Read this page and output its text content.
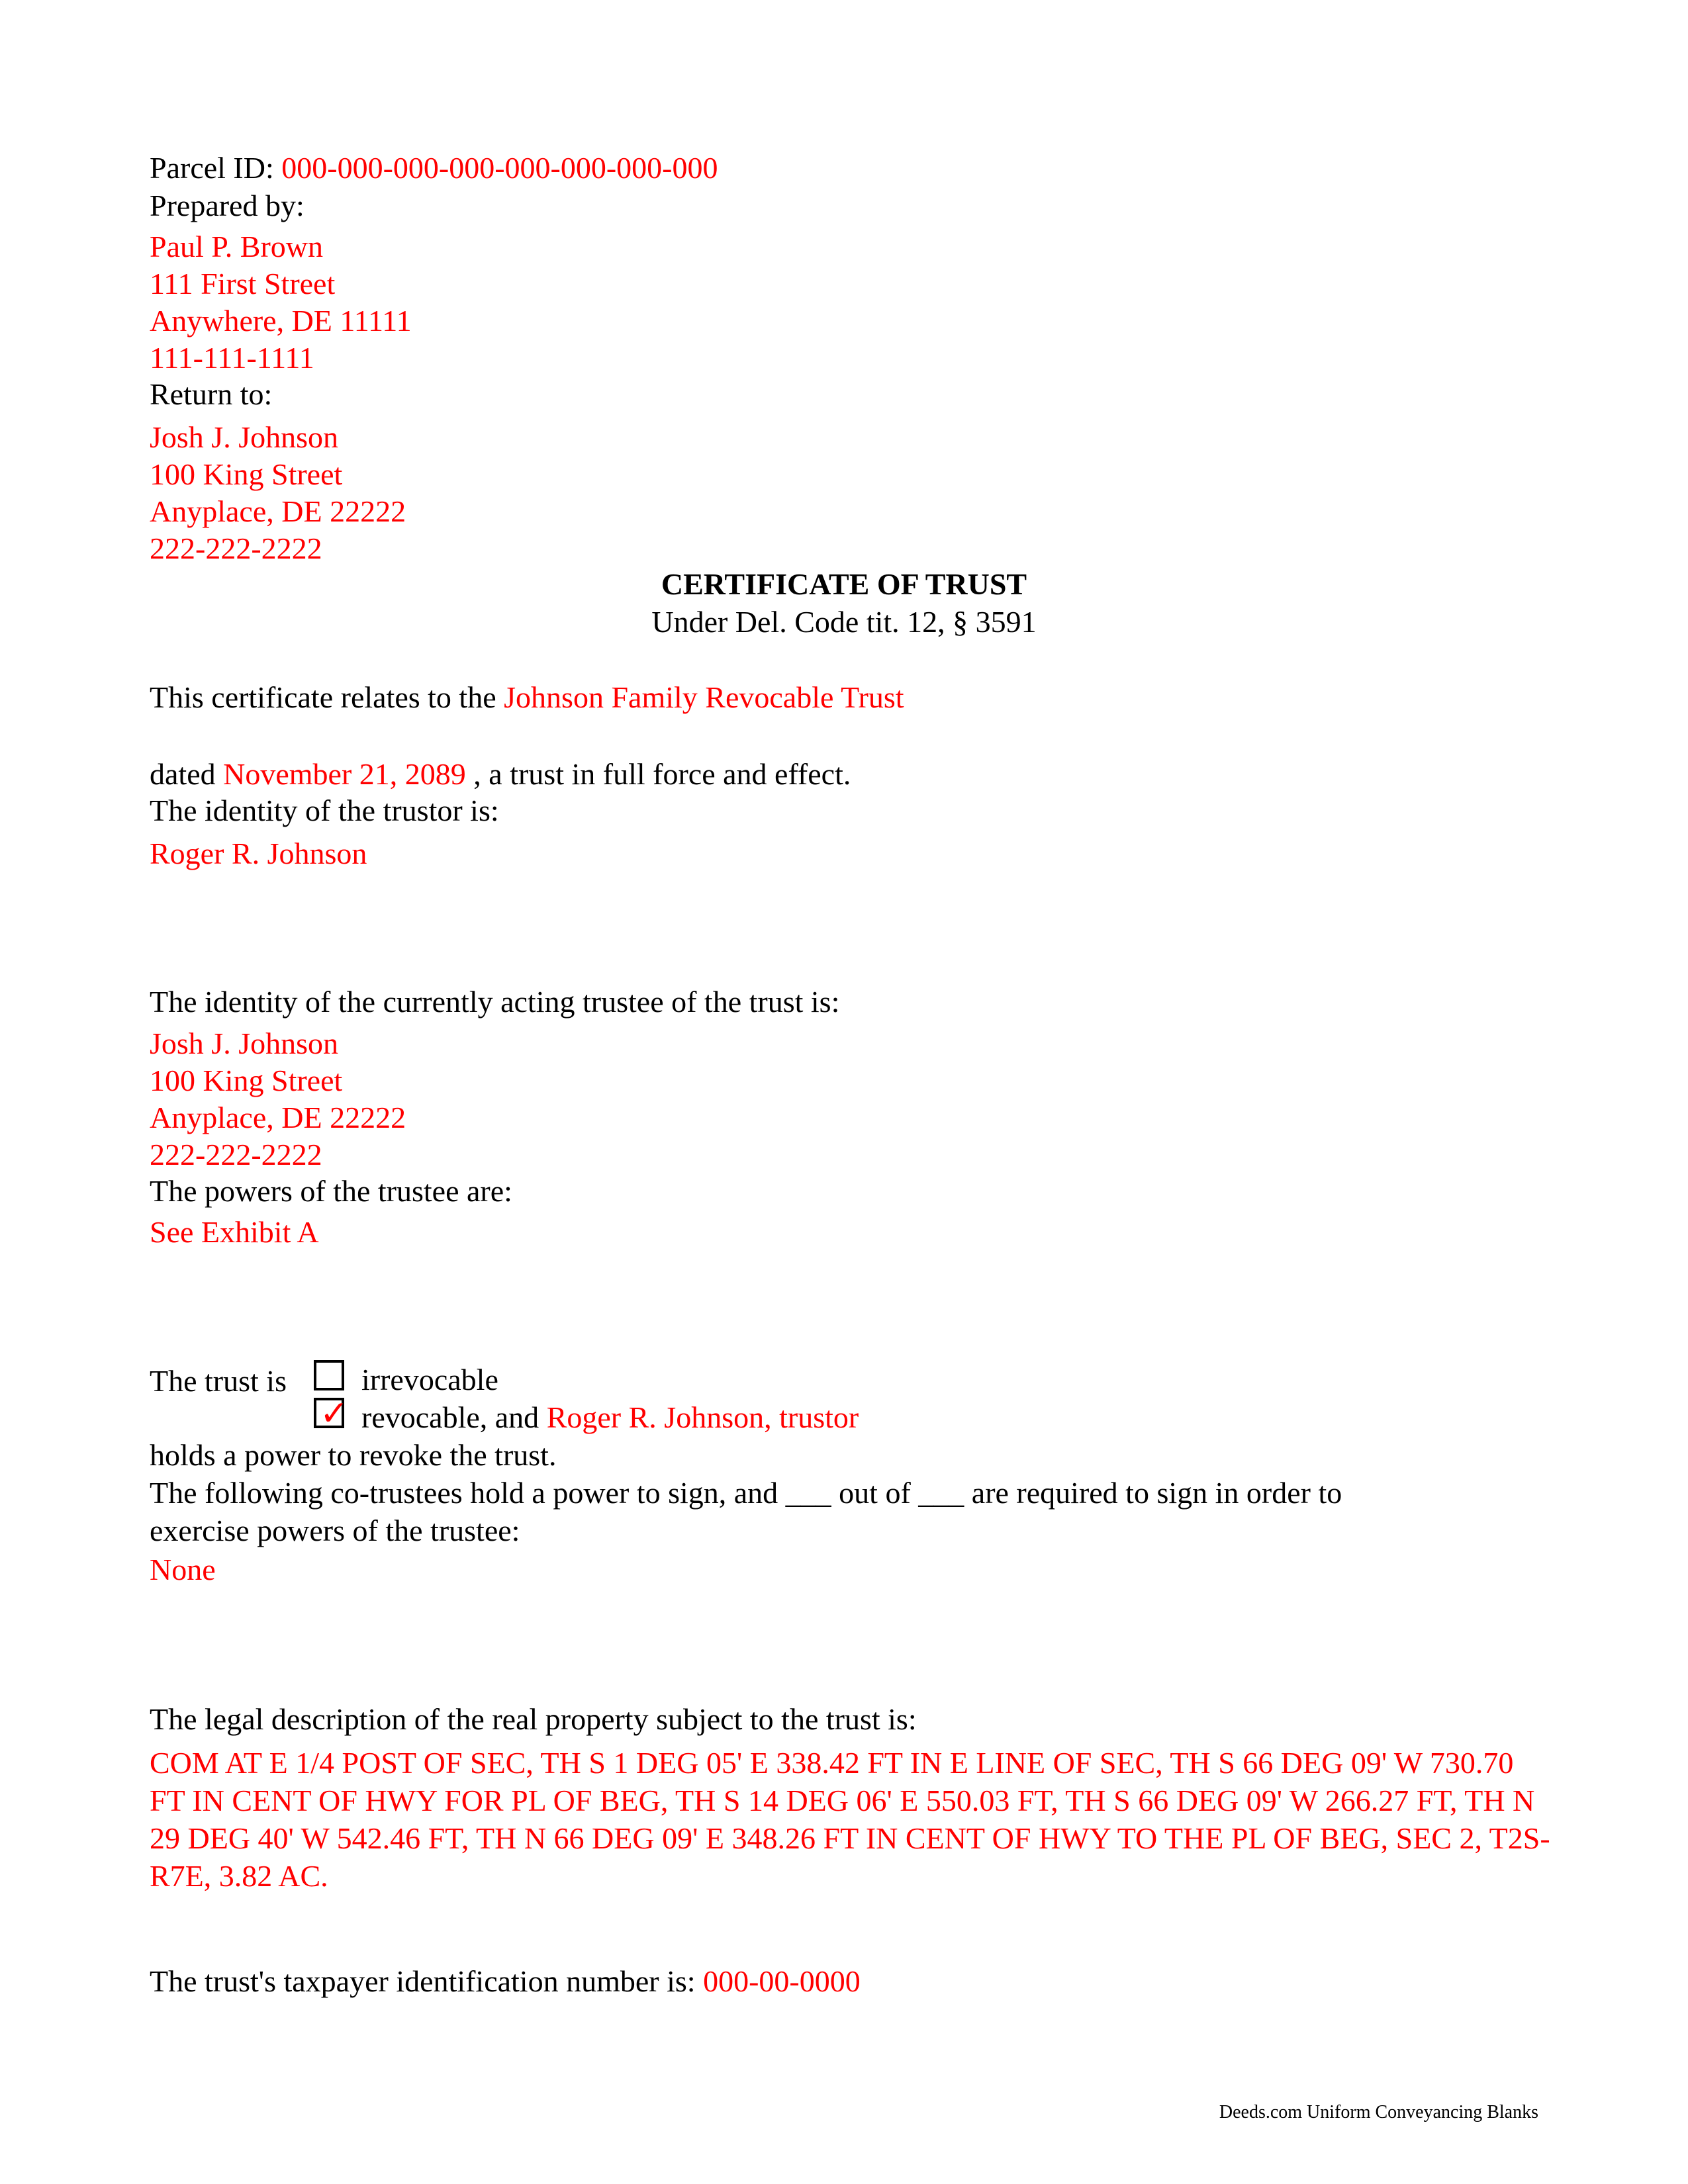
Parcel ID: 000-000-000-000-000-000-000-000
Prepared by:
Paul P. Brown
111 First Street
Anywhere, DE 11111
111-111-1111
Return to:
Josh J. Johnson
100 King Street
Anyplace, DE 22222
222-222-2222
CERTIFICATE OF TRUST
Under Del. Code tit. 12, § 3591
This certificate relates to the Johnson Family Revocable Trust
dated November 21, 2089 , a trust in full force and effect.
The identity of the trustor is:
Roger R. Johnson
The identity of the currently acting trustee of the trust is:
Josh J. Johnson
100 King Street
Anyplace, DE 22222
222-222-2222
The powers of the trustee are:
See Exhibit A
The trust is irrevocable
✓ revocable, and Roger R. Johnson, trustor
holds a power to revoke the trust.
The following co-trustees hold a power to sign, and ___ out of ___ are required to sign in order to
exercise powers of the trustee:
None
The legal description of the real property subject to the trust is:
COM AT E 1/4 POST OF SEC, TH S 1 DEG 05' E 338.42 FT IN E LINE OF SEC, TH S 66 DEG 09' W 730.70 FT IN CENT OF HWY FOR PL OF BEG, TH S 14 DEG 06' E 550.03 FT, TH S 66 DEG 09' W 266.27 FT, TH N 29 DEG 40' W 542.46 FT, TH N 66 DEG 09' E 348.26 FT IN CENT OF HWY TO THE PL OF BEG, SEC 2, T2S-R7E, 3.82 AC.
The trust's taxpayer identification number is: 000-00-0000
Deeds.com Uniform Conveyancing Blanks
